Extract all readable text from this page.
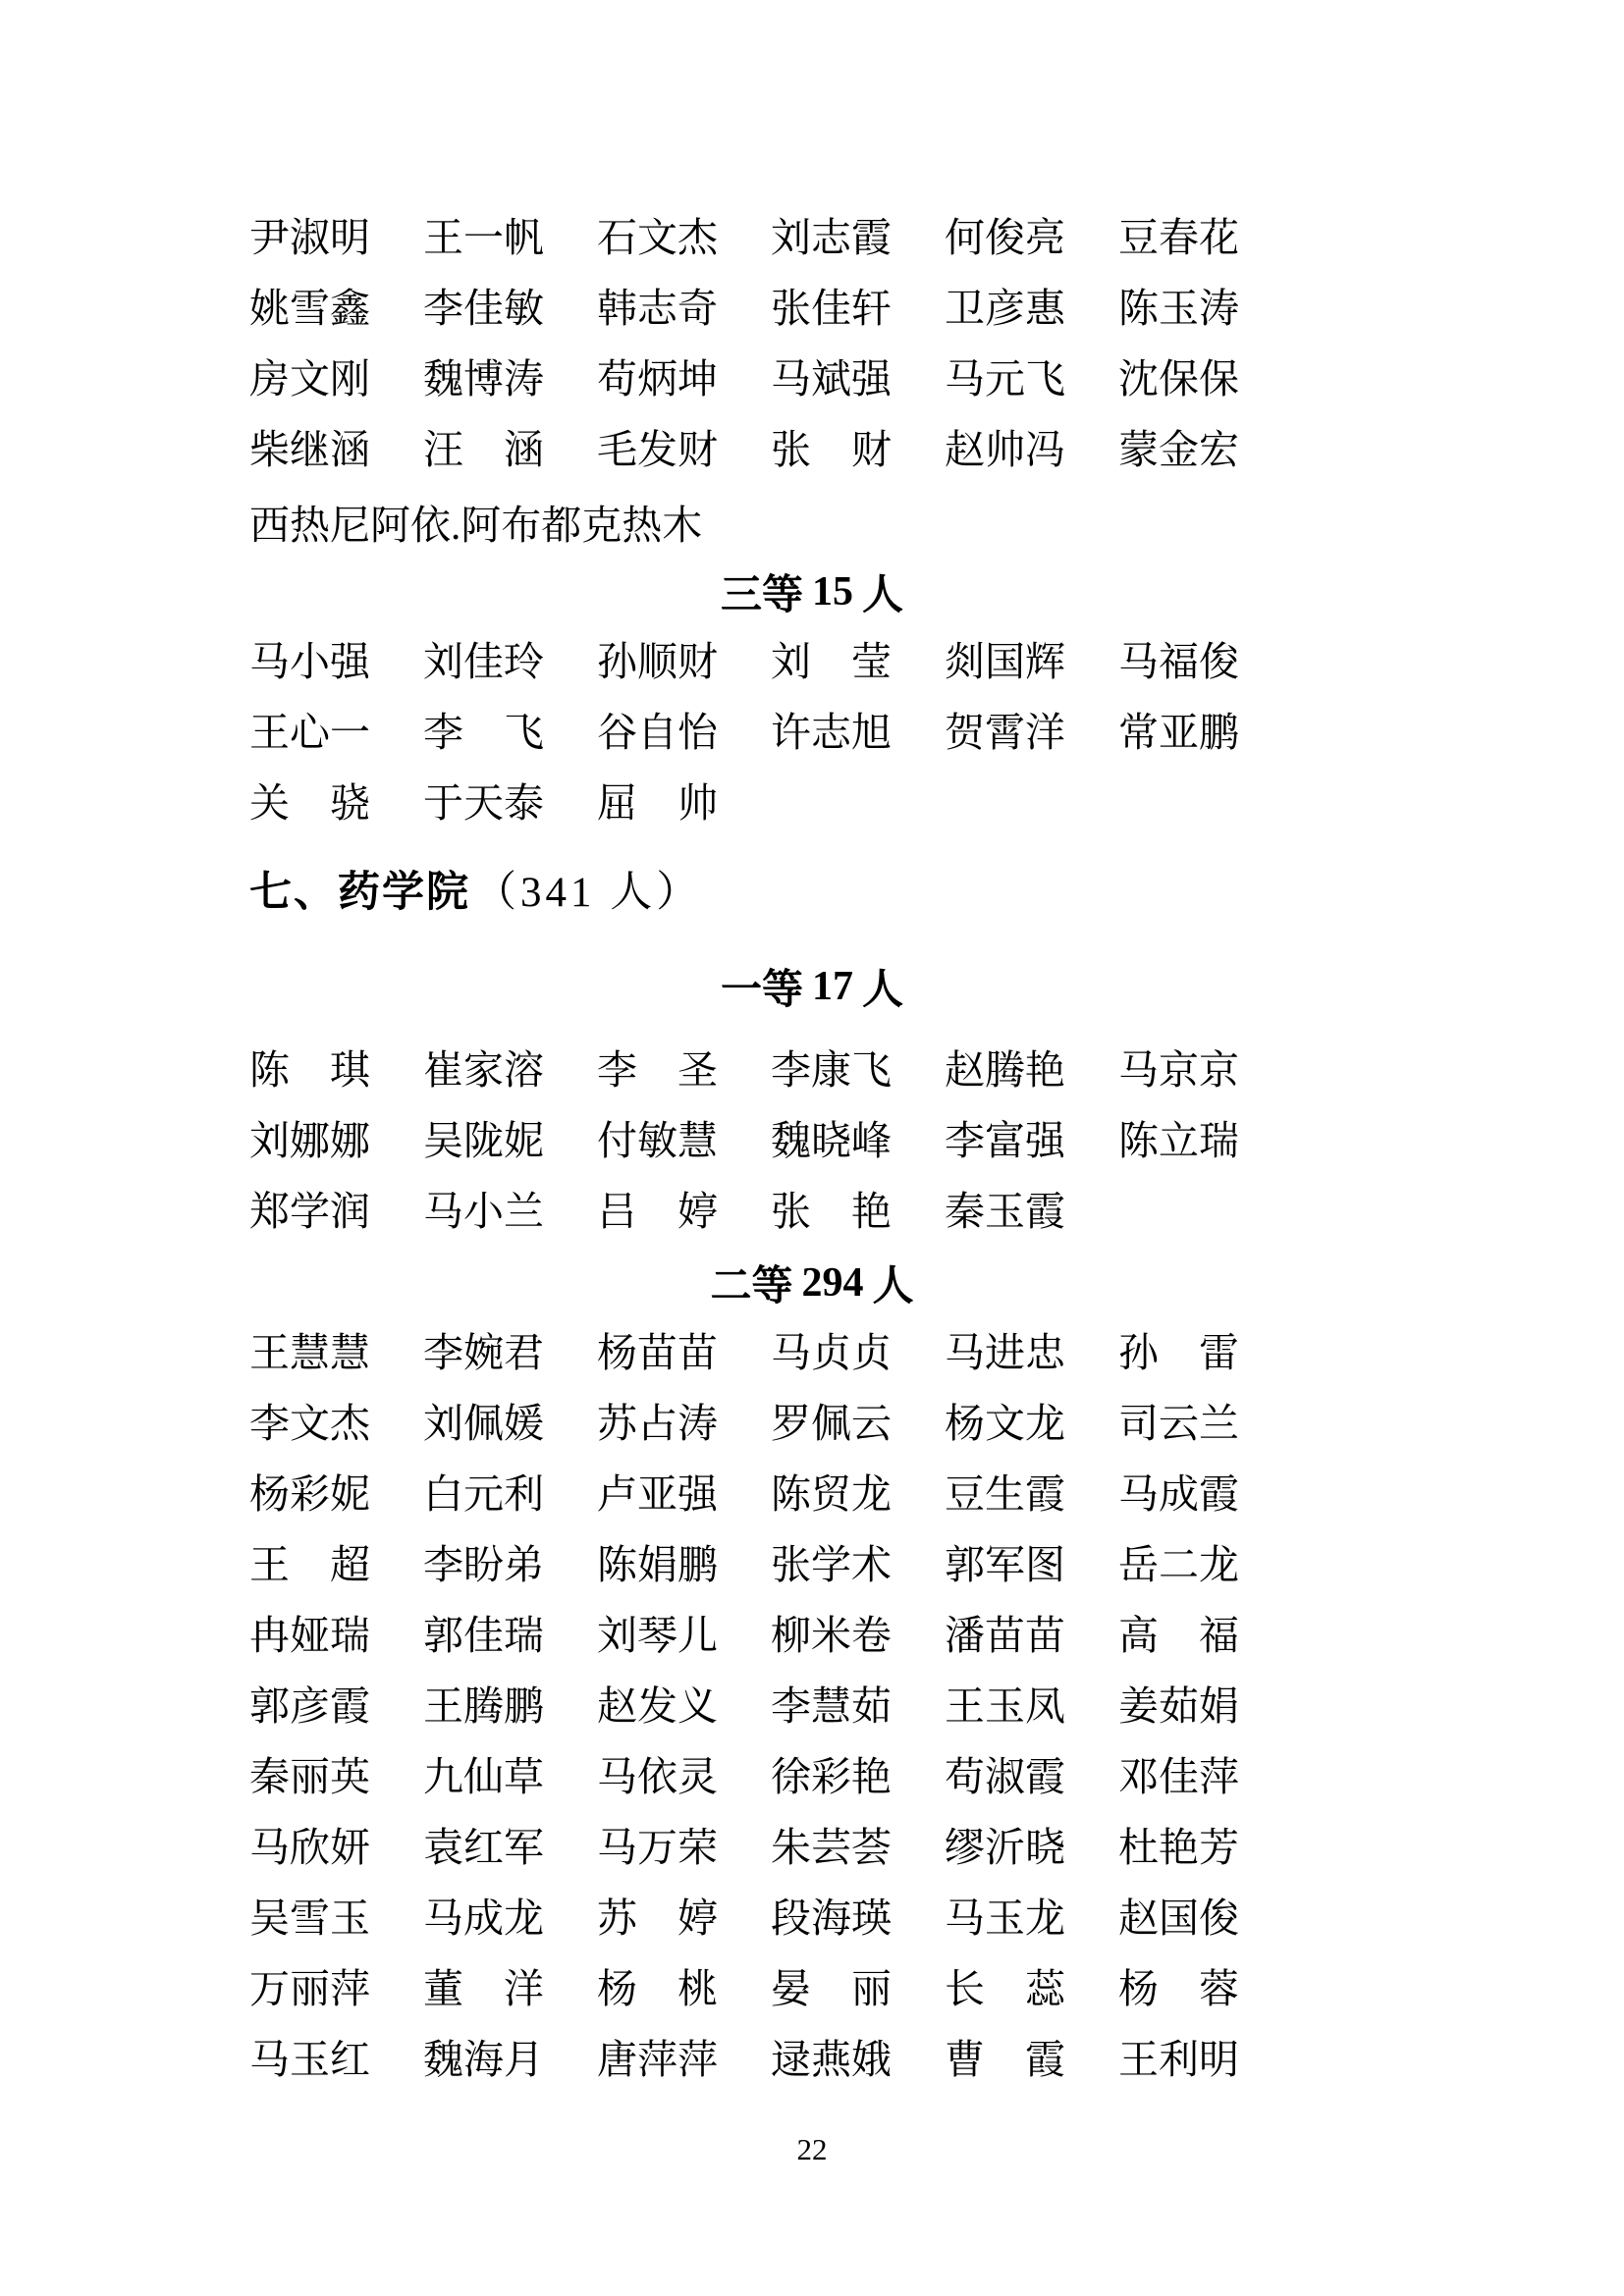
尹淑明 王一帆 石文杰 刘志霞 何俊亮 豆春花
姚雪鑫 李佳敏 韩志奇 张佳轩 卫彦惠 陈玉涛
房文刚 魏博涛 苟炳坤 马斌强 马元飞 沈保保
柴继涵 汪　涵 毛发财 张　财 赵帅冯 蒙金宏
西热尼阿依.阿布都克热木
三等 15 人
马小强 刘佳玲 孙顺财 刘　莹 剡国辉 马福俊
王心一 李　飞 谷自怡 许志旭 贺霄洋 常亚鹏
关　骁 于天泰 屈　帅
七、药学院 （341 人）
一等 17 人
陈　琪 崔家溶 李　圣 李康飞 赵腾艳 马京京
刘娜娜 吴陇妮 付敏慧 魏晓峰 李富强 陈立瑞
郑学润 马小兰 吕　婷 张　艳 秦玉霞
二等 294 人
王慧慧 李婉君 杨苗苗 马贞贞 马进忠 孙　雷
李文杰 刘佩媛 苏占涛 罗佩云 杨文龙 司云兰
杨彩妮 白元利 卢亚强 陈贸龙 豆生霞 马成霞
王　超 李盼弟 陈娟鹏 张学术 郭军图 岳二龙
冉娅瑞 郭佳瑞 刘琴儿 柳米卷 潘苗苗 高　福
郭彦霞 王腾鹏 赵发义 李慧茹 王玉凤 姜茹娟
秦丽英 九仙草 马依灵 徐彩艳 苟淑霞 邓佳萍
马欣妍 袁红军 马万荣 朱芸荟 缪沂晓 杜艳芳
吴雪玉 马成龙 苏　婷 段海瑛 马玉龙 赵国俊
万丽萍 董　洋 杨　桃 晏　丽 长　蕊 杨　蓉
马玉红 魏海月 唐萍萍 逯燕娥 曹　霞 王利明
22
